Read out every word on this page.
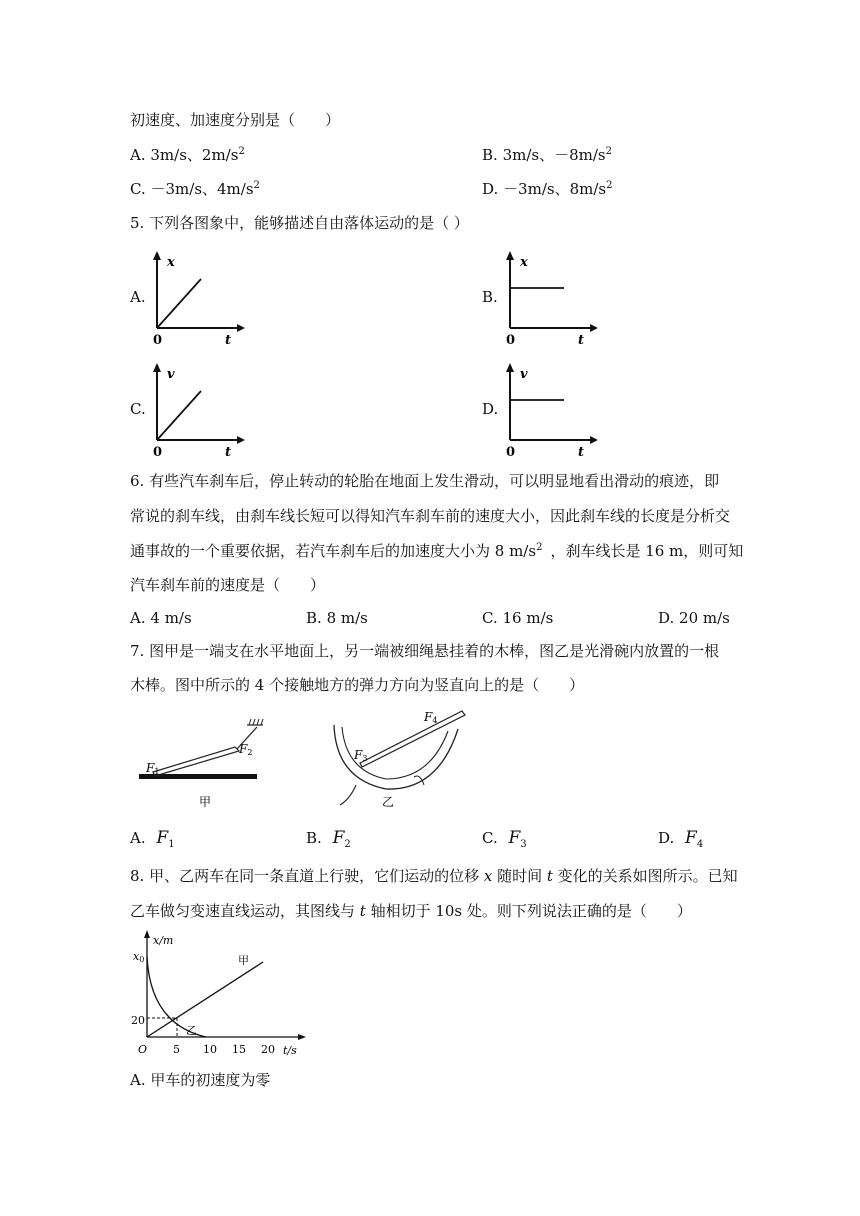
初速度、加速度分别是（　　）
A. 3m/s、$2m/s^2$	B. 3m/s、$-8m/s^2$
C. －3m/s、$4m/s^2$	D. －3m/s、$8m/s^2$
5. 下列各图象中，能够描述自由落体运动的是（ ）
A.
x
t
0
B.
x
t
0
C.
v
t
0
D.
v
t
0
6. 有些汽车刹车后，停止转动的轮胎在地面上发生滑动，可以明显地看出滑动的痕迹，即
常说的刹车线，由刹车线长短可以得知汽车刹车前的速度大小，因此刹车线的长度是分析交
通事故的一个重要依据，若汽车刹车后的加速度大小为 8 $m/s^2$ ，刹车线长是 16 m，则可知
汽车刹车前的速度是（　　）
A. 4 m/s	B. 8 m/s	C. 16 m/s	D. 20 m/s
7. 图甲是一端支在水平地面上，另一端被细绳悬挂着的木棒，图乙是光滑碗内放置的一根
木棒。图中所示的 4 个接触地方的弹力方向为竖直向上的是（　　）
F1
F2
甲
F3
F4
乙
A. $F_1$	B. $F_2$	C. $F_3$	D. $F_4$
8. 甲、乙两车在同一条直道上行驶，它们运动的位移 x 随时间 t 变化的关系如图所示。已知
乙车做匀变速直线运动，其图线与 t 轴相切于 10s 处。则下列说法正确的是（　　）
x/m
t/s
O
x0
20
5 10 15 20
甲
乙
A. 甲车的初速度为零
